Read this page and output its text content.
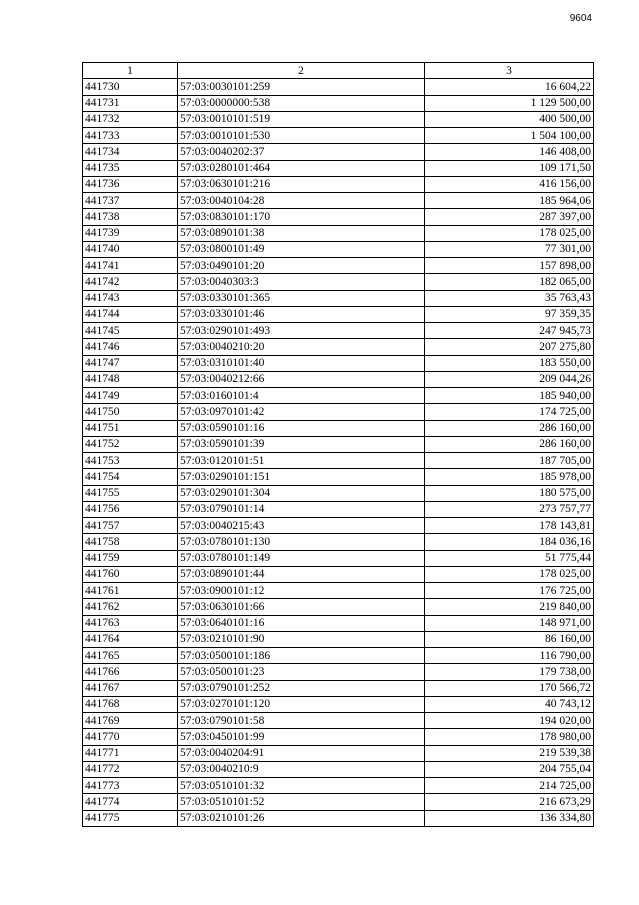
9604
1	2	3
441730	57:03:0030101:259	16 604,22
441731	57:03:0000000:538	1 129 500,00
441732	57:03:0010101:519	400 500,00
441733	57:03:0010101:530	1 504 100,00
441734	57:03:0040202:37	146 408,00
441735	57:03:0280101:464	109 171,50
441736	57:03:0630101:216	416 156,00
441737	57:03:0040104:28	185 964,06
441738	57:03:0830101:170	287 397,00
441739	57:03:0890101:38	178 025,00
441740	57:03:0800101:49	77 301,00
441741	57:03:0490101:20	157 898,00
441742	57:03:0040303:3	182 065,00
441743	57:03:0330101:365	35 763,43
441744	57:03:0330101:46	97 359,35
441745	57:03:0290101:493	247 945,73
441746	57:03:0040210:20	207 275,80
441747	57:03:0310101:40	183 550,00
441748	57:03:0040212:66	209 044,26
441749	57:03:0160101:4	185 940,00
441750	57:03:0970101:42	174 725,00
441751	57:03:0590101:16	286 160,00
441752	57:03:0590101:39	286 160,00
441753	57:03:0120101:51	187 705,00
441754	57:03:0290101:151	185 978,00
441755	57:03:0290101:304	180 575,00
441756	57:03:0790101:14	273 757,77
441757	57:03:0040215:43	178 143,81
441758	57:03:0780101:130	184 036,16
441759	57:03:0780101:149	51 775,44
441760	57:03:0890101:44	178 025,00
441761	57:03:0900101:12	176 725,00
441762	57:03:0630101:66	219 840,00
441763	57:03:0640101:16	148 971,00
441764	57:03:0210101:90	86 160,00
441765	57:03:0500101:186	116 790,00
441766	57:03:0500101:23	179 738,00
441767	57:03:0790101:252	170 566,72
441768	57:03:0270101:120	40 743,12
441769	57:03:0790101:58	194 020,00
441770	57:03:0450101:99	178 980,00
441771	57:03:0040204:91	219 539,38
441772	57:03:0040210:9	204 755,04
441773	57:03:0510101:32	214 725,00
441774	57:03:0510101:52	216 673,29
441775	57:03:0210101:26	136 334,80
